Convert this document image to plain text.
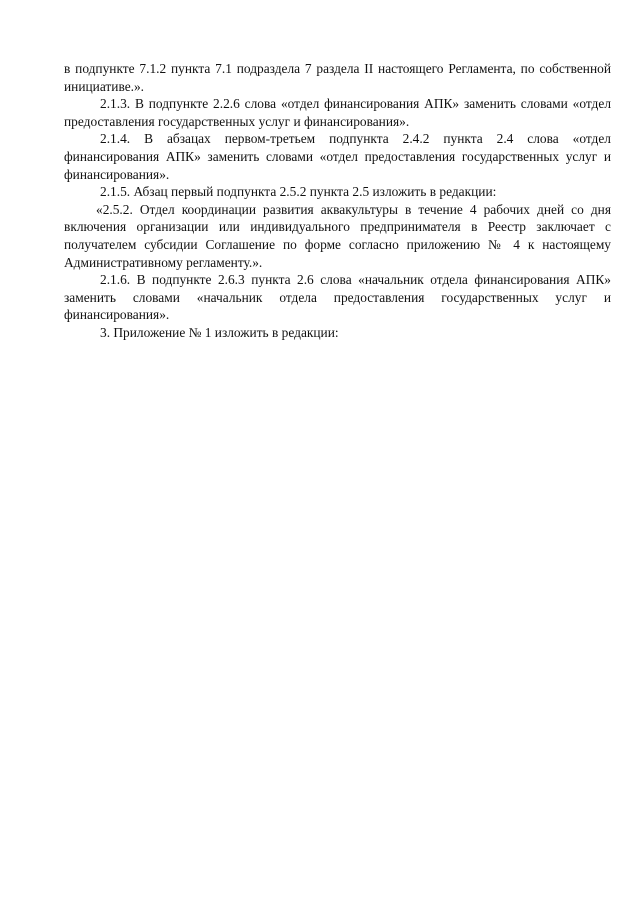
в подпункте 7.1.2 пункта 7.1 подраздела 7 раздела II настоящего Регламента, по собственной инициативе.».

2.1.3. В подпункте 2.2.6 слова «отдел финансирования АПК» заменить словами «отдел предоставления государственных услуг и финансирования».

2.1.4. В абзацах первом-третьем подпункта 2.4.2 пункта 2.4 слова «отдел финансирования АПК» заменить словами «отдел предоставления государственных услуг и финансирования».

2.1.5. Абзац первый подпункта 2.5.2 пункта 2.5 изложить в редакции:

«2.5.2. Отдел координации развития аквакультуры в течение 4 рабочих дней со дня включения организации или индивидуального предпринимателя в Реестр заключает с получателем субсидии Соглашение по форме согласно приложению № 4 к настоящему Административному регламенту.».

2.1.6. В подпункте 2.6.3 пункта 2.6 слова «начальник отдела финансирования АПК» заменить словами «начальник отдела предоставления государственных услуг и финансирования».

3. Приложение № 1 изложить в редакции:
